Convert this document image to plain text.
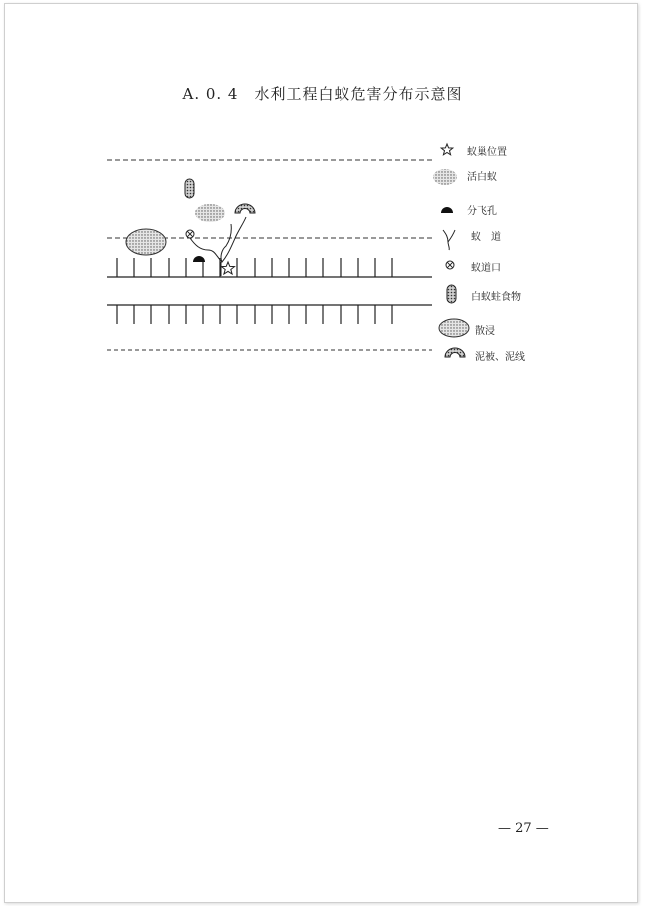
A. 0. 4 水利工程白蚁危害分布示意图
蚁巢位置
活白蚁
分飞孔
蚁　道
蚁道口
白蚁蛀食物
散浸
泥被、泥线
— 27 —
